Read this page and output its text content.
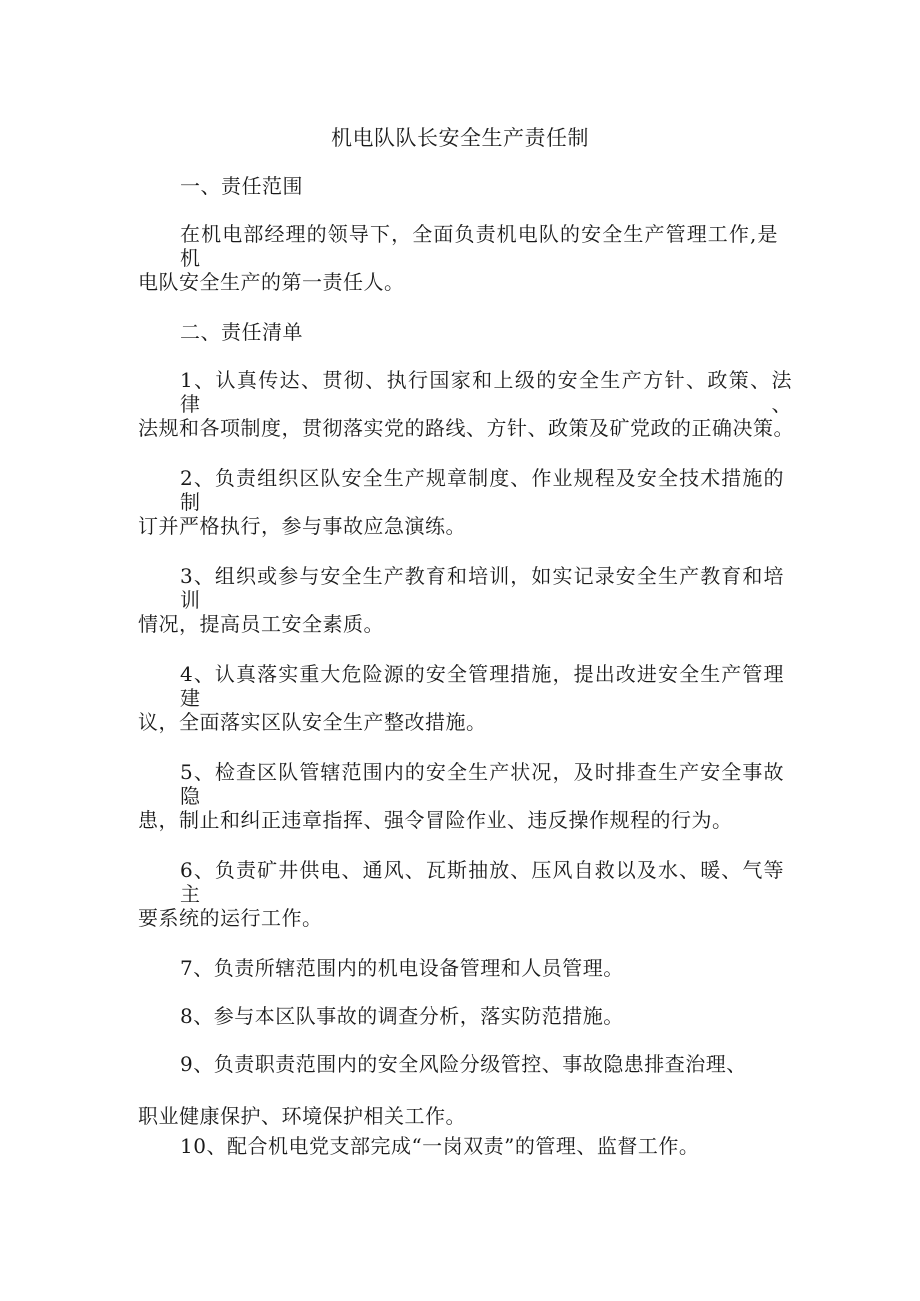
机电队队长安全生产责任制
一、责任范围
在机电部经理的领导下，全面负责机电队的安全生产管理工作,是机
电队安全生产的第一责任人。
二、责任清单
1、认真传达、贯彻、执行国家和上级的安全生产方针、政策、法律、
法规和各项制度，贯彻落实党的路线、方针、政策及矿党政的正确决策。
2、负责组织区队安全生产规章制度、作业规程及安全技术措施的制
订并严格执行，参与事故应急演练。
3、组织或参与安全生产教育和培训，如实记录安全生产教育和培训
情况，提高员工安全素质。
4、认真落实重大危险源的安全管理措施，提出改进安全生产管理建
议，全面落实区队安全生产整改措施。
5、检查区队管辖范围内的安全生产状况，及时排查生产安全事故隐
患，制止和纠正违章指挥、强令冒险作业、违反操作规程的行为。
6、负责矿井供电、通风、瓦斯抽放、压风自救以及水、暖、气等主
要系统的运行工作。
7、负责所辖范围内的机电设备管理和人员管理。
8、参与本区队事故的调查分析，落实防范措施。
9、负责职责范围内的安全风险分级管控、事故隐患排查治理、
职业健康保护、环境保护相关工作。
10、配合机电党支部完成“一岗双责”的管理、监督工作。
